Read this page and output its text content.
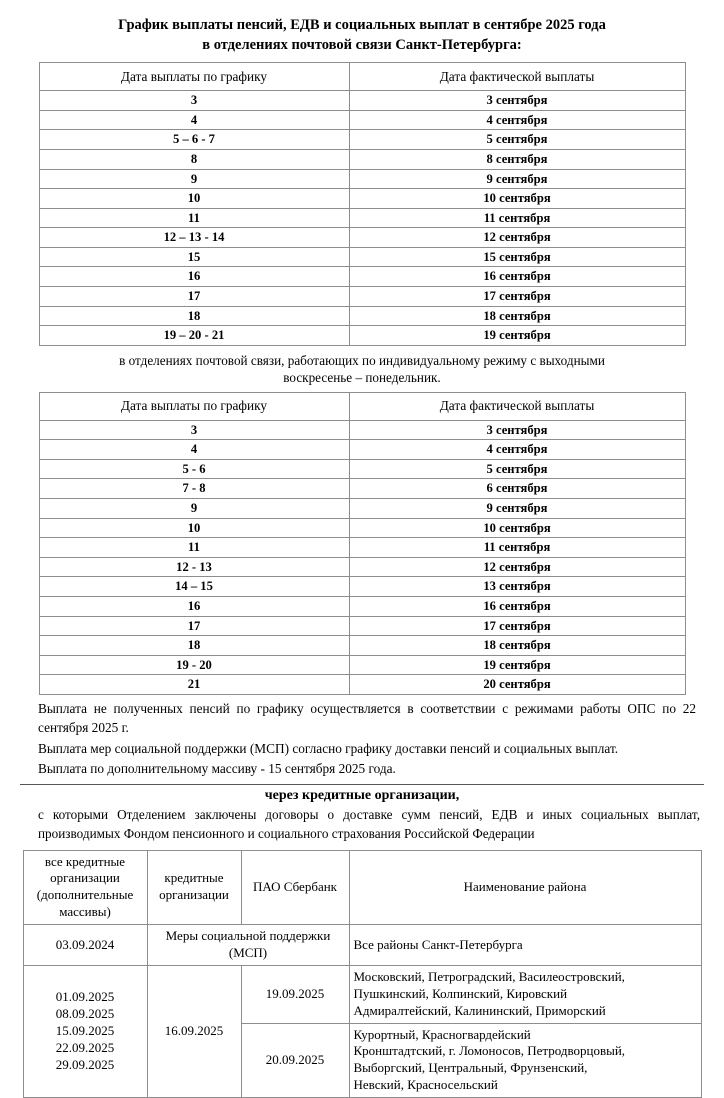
График выплаты пенсий, ЕДВ и социальных выплат в сентябре 2025 года
в отделениях почтовой связи Санкт-Петербурга:
Дата выплаты по графику	Дата фактической выплаты
3	3 сентября
4	4 сентября
5 – 6 - 7	5 сентября
8	8 сентября
9	9 сентября
10	10 сентября
11	11 сентября
12 – 13 - 14	12 сентября
15	15 сентября
16	16 сентября
17	17 сентября
18	18 сентября
19 – 20 - 21	19 сентября

в отделениях почтовой связи, работающих по индивидуальному режиму с выходными
воскресенье – понедельник.

Дата выплаты по графику	Дата фактической выплаты
3	3 сентября
4	4 сентября
5 - 6	5 сентября
7 - 8	6 сентября
9	9 сентября
10	10 сентября
11	11 сентября
12 - 13	12 сентября
14 – 15	13 сентября
16	16 сентября
17	17 сентября
18	18 сентября
19 - 20	19 сентября
21	20 сентября

Выплата не полученных пенсий по графику осуществляется в соответствии с режимами работы ОПС по 22 сентября 2025 г.

Выплата мер социальной поддержки (МСП) согласно графику доставки пенсий и социальных выплат.

Выплата по дополнительному массиву - 15 сентября 2025 года.

через кредитные организации,

с которыми Отделением заключены договоры о доставке сумм пенсий, ЕДВ и иных социальных выплат, производимых Фондом пенсионного и социального страхования Российской Федерации

все кредитные организации (дополнительные массивы)	кредитные организации	ПАО Сбербанк	Наименование района
03.09.2024	Меры социальной поддержки (МСП)		Все районы Санкт-Петербурга
01.09.2025
08.09.2025
15.09.2025
22.09.2025
29.09.2025	16.09.2025	19.09.2025	Московский, Петроградский, Василеостровский,
Пушкинский, Колпинский, Кировский
Адмиралтейский, Калининский, Приморский
		20.09.2025	Курортный, Красногвардейский
Кронштадтский, г. Ломоносов, Петродворцовый,
Выборгский, Центральный, Фрунзенский,
Невский, Красносельский
